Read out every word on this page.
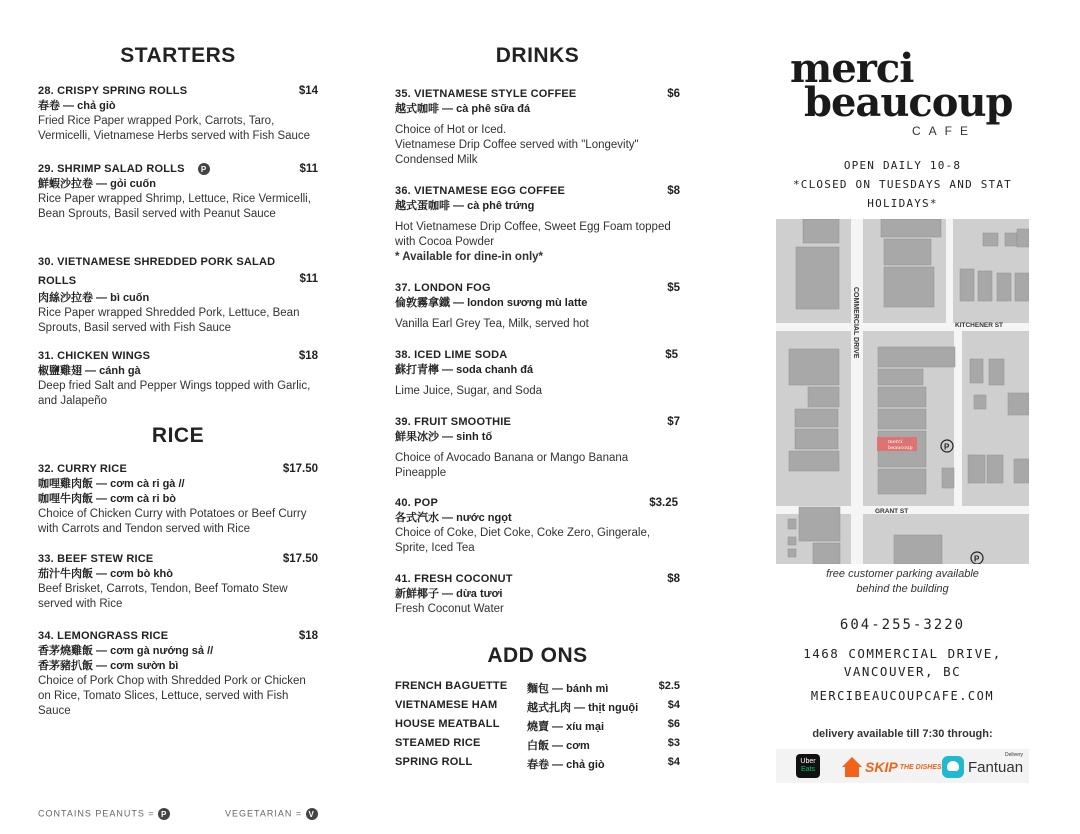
STARTERS
28. CRISPY SPRING ROLLS	$14
春卷 — chả giò
Fried Rice Paper wrapped Pork, Carrots, Taro, Vermicelli, Vietnamese Herbs served with Fish Sauce
29. SHRIMP SALAD ROLLS P	$11
鮮蝦沙拉卷 — gỏi cuốn
Rice Paper wrapped Shrimp, Lettuce, Rice Vermicelli, Bean Sprouts, Basil served with Peanut Sauce
30. VIETNAMESE SHREDDED PORK SALAD ROLLS	$11
肉絲沙拉卷 — bì cuốn
Rice Paper wrapped Shredded Pork, Lettuce, Bean Sprouts, Basil served with Fish Sauce
31. CHICKEN WINGS	$18
椒鹽雞翅 — cánh gà
Deep fried Salt and Pepper Wings topped with Garlic, and Jalapeño
RICE
32. CURRY RICE	$17.50
咖哩雞肉飯 — cơm cà ri gà //
咖哩牛肉飯 — cơm cà ri bò
Choice of Chicken Curry with Potatoes or Beef Curry with Carrots and Tendon served with Rice
33. BEEF STEW RICE	$17.50
茄汁牛肉飯 — cơm bò khò
Beef Brisket, Carrots, Tendon, Beef Tomato Stew served with Rice
34. LEMONGRASS RICE	$18
香茅燒雞飯 — cơm gà nướng sả //
香茅豬扒飯 — cơm sườn bì
Choice of Pork Chop with Shredded Pork or Chicken on Rice, Tomato Slices, Lettuce, served with Fish Sauce
DRINKS
35. VIETNAMESE STYLE COFFEE	$6
越式咖啡 — cà phê sữa đá
Choice of Hot or Iced.
Vietnamese Drip Coffee served with "Longevity" Condensed Milk
36. VIETNAMESE EGG COFFEE	$8
越式蛋咖啡 — cà phê trứng
Hot Vietnamese Drip Coffee, Sweet Egg Foam topped with Cocoa Powder
* Available for dine-in only*
37. LONDON FOG	$5
倫敦霧拿鐵 — london sương mù latte
Vanilla Earl Grey Tea, Milk, served hot
38. ICED LIME SODA	$5
蘇打青檸 — soda chanh đá
Lime Juice, Sugar, and Soda
39. FRUIT SMOOTHIE	$7
鮮果冰沙 — sinh tố
Choice of Avocado Banana or Mango Banana Pineapple
40. POP	$3.25
各式汽水 — nước ngọt
Choice of Coke, Diet Coke, Coke Zero, Gingerale, Sprite, Iced Tea
41. FRESH COCONUT	$8
新鮮椰子 — dừa tươi
Fresh Coconut Water
ADD ONS
FRENCH BAGUETTE 麵包 — bánh mì	$2.5
VIETNAMESE HAM	越式扎肉 — thịt nguội	$4
HOUSE MEATBALL 燒賣 — xíu mại	$6
STEAMED RICE	白飯 — cơm	$3
SPRING ROLL	春卷 — chả giò	$4
CONTAINS PEANUTS = P	VEGETARIAN = V
merci
beaucoup
CAFE
OPEN DAILY 10-8
*CLOSED ON TUESDAYS AND STAT
HOLIDAYS*
COMMERCIAL DRIVE	KITCHENER ST
GRANT ST
merci
beaucoup	P
P
free customer parking available
behind the building
604-255-3220
1468 COMMERCIAL DRIVE,
VANCOUVER, BC
MERCIBEAUCOUPCAFE.COM
delivery available till 7:30 through:
Uber
Eats	SKIP THE DISHES Fantuan
Delivery
